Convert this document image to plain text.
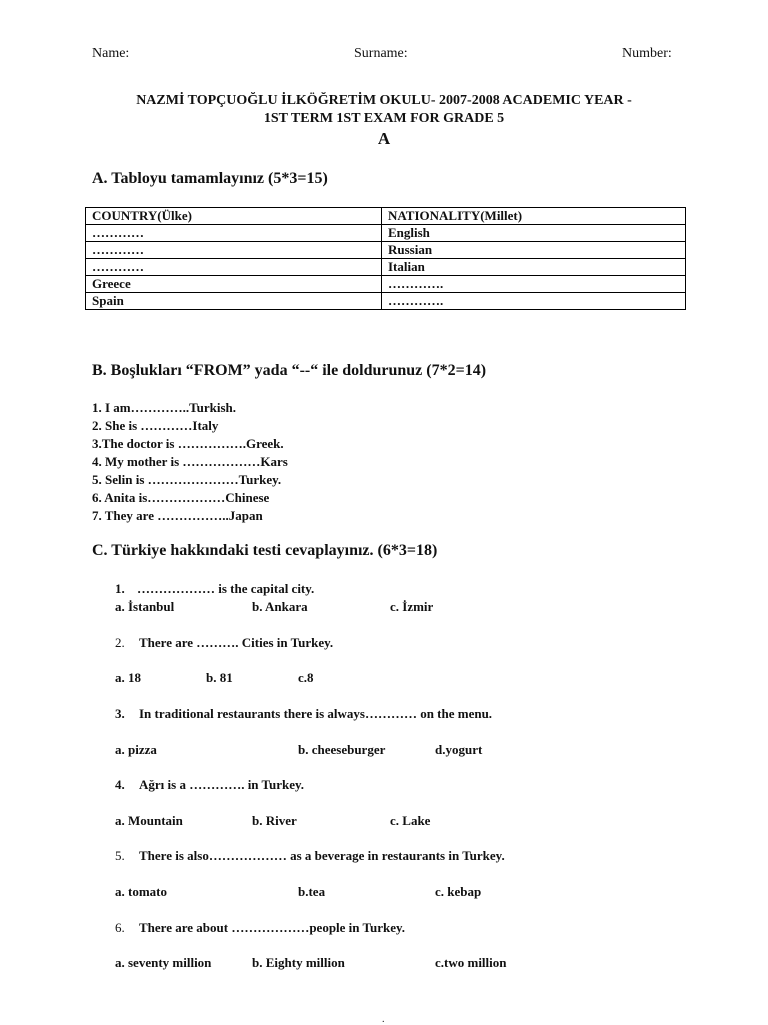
Name:	Surname:	Number:
NAZMİ TOPÇUOĞLU İLKÖĞRETİM OKULU- 2007-2008 ACADEMIC YEAR -
1ST TERM 1ST EXAM FOR GRADE 5
A
A. Tabloyu tamamlayınız (5*3=15)
COUNTRY(Ülke)	NATIONALITY(Millet)
…………	English
…………	Russian
…………	Italian
Greece	………….
Spain	………….
B. Boşlukları “FROM” yada “--“ ile doldurunuz (7*2=14)
1. I am…………..Turkish.
2. She is …………Italy
3.The doctor is …………….Greek.
4. My mother is ………………Kars
5. Selin is …………………Turkey.
6. Anita is………………Chinese
7. They are ……………..Japan
C. Türkiye hakkındaki testi cevaplayınız. (6*3=18)
1. ……………… is the capital city.
a. İstanbul	b. Ankara	c. İzmir
2. There are ………. Cities in Turkey.
a. 18	b. 81	c.8
3. In traditional restaurants there is always………… on the menu.
a. pizza	b. cheeseburger	d.yogurt
4. Ağrı is a …………. in Turkey.
a. Mountain	b. River	c. Lake
5. There is also……………… as a beverage in restaurants in Turkey.
a. tomato	b.tea	c. kebap
6. There are about ………………people in Turkey.
a. seventy million	b. Eighty million	c.two million
.
